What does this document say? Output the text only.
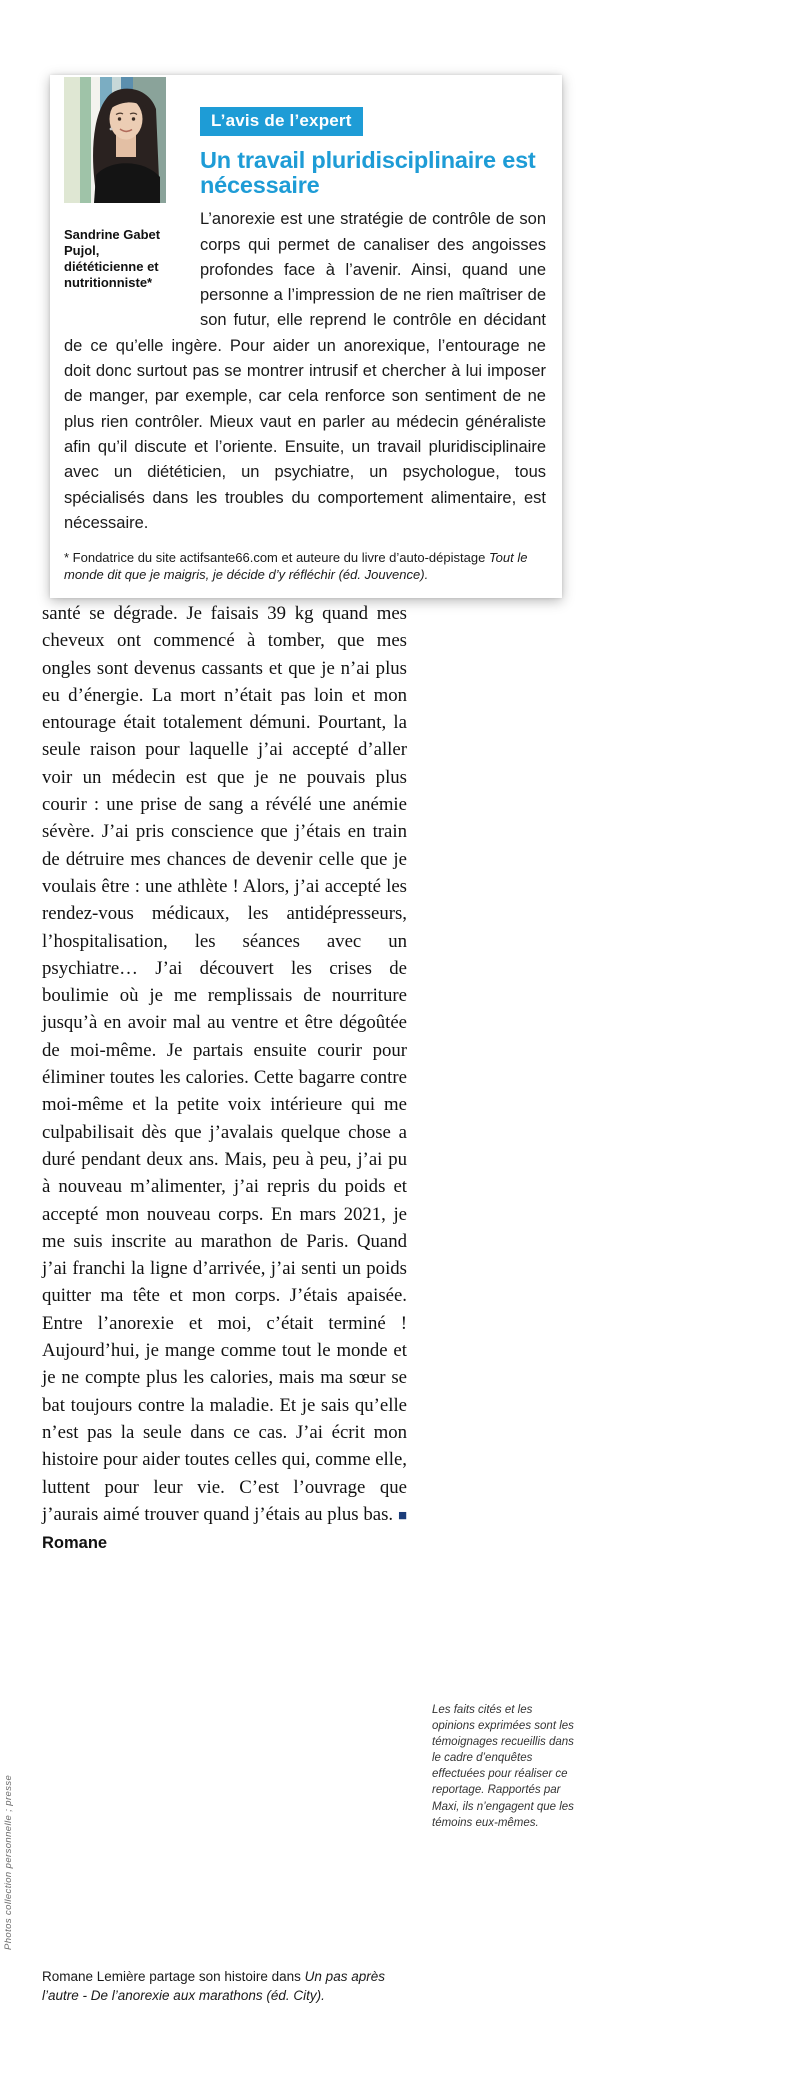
Sandrine Gabet Pujol,
diététicienne et nutritionniste*

L’avis de l’expert
Un travail pluridisciplinaire est nécessaire

L’anorexie est une stratégie de contrôle de son corps qui permet de canaliser des angoisses profondes face à l’avenir. Ainsi, quand une personne a l’impression de ne rien maîtriser de son futur, elle reprend le contrôle en décidant de ce qu’elle ingère. Pour aider un anorexique, l’entourage ne doit donc surtout pas se montrer intrusif et chercher à lui imposer de manger, par exemple, car cela renforce son sentiment de ne plus rien contrôler. Mieux vaut en parler au médecin généraliste afin qu’il discute et l’oriente. Ensuite, un travail pluridisciplinaire avec un diététicien, un psychiatre, un psychologue, tous spécialisés dans les troubles du comportement alimentaire, est nécessaire.

* Fondatrice du site actifsante66.com et auteure du livre d’auto-dépistage Tout le monde dit que je maigris, je décide d’y réfléchir (éd. Jouvence).

santé se dégrade. Je faisais 39 kg quand mes cheveux ont commencé à tomber, que mes ongles sont devenus cassants et que je n’ai plus eu d’énergie. La mort n’était pas loin et mon entourage était totalement démuni. Pourtant, la seule raison pour laquelle j’ai accepté d’aller voir un médecin est que je ne pouvais plus courir : une prise de sang a révélé une anémie sévère. J’ai pris conscience que j’étais en train de détruire mes chances de devenir celle que je voulais être : une athlète ! Alors, j’ai accepté les rendez-vous médicaux, les antidépresseurs, l’hospitalisation, les séances avec un psychiatre… J’ai découvert les crises de boulimie où je me remplissais de nourriture jusqu’à en avoir mal au ventre et être dégoûtée de moi-même. Je partais ensuite courir pour éliminer toutes les calories. Cette bagarre contre moi-même et la petite voix intérieure qui me culpabilisait dès que j’avalais quelque chose a duré pendant deux ans. Mais, peu à peu, j’ai pu à nouveau m’alimenter, j’ai repris du poids et accepté mon nouveau corps. En mars 2021, je me suis inscrite au marathon de Paris. Quand j’ai franchi la ligne d’arrivée, j’ai senti un poids quitter ma tête et mon corps. J’étais apaisée. Entre l’anorexie et moi, c’était terminé ! Aujourd’hui, je mange comme tout le monde et je ne compte plus les calories, mais ma sœur se bat toujours contre la maladie. Et je sais qu’elle n’est pas la seule dans ce cas. J’ai écrit mon histoire pour aider toutes celles qui, comme elle, luttent pour leur vie. C’est l’ouvrage que j’aurais aimé trouver quand j’étais au plus bas. ■ Romane

Romane Lemière partage son histoire dans Un pas après l’autre - De l’anorexie aux marathons (éd. City).

Les faits cités et les opinions exprimées sont les témoignages recueillis dans le cadre d’enquêtes effectuées pour réaliser ce reportage. Rapportés par Maxi, ils n’engagent que les témoins eux-mêmes.

Photos collection personnelle ; presse
